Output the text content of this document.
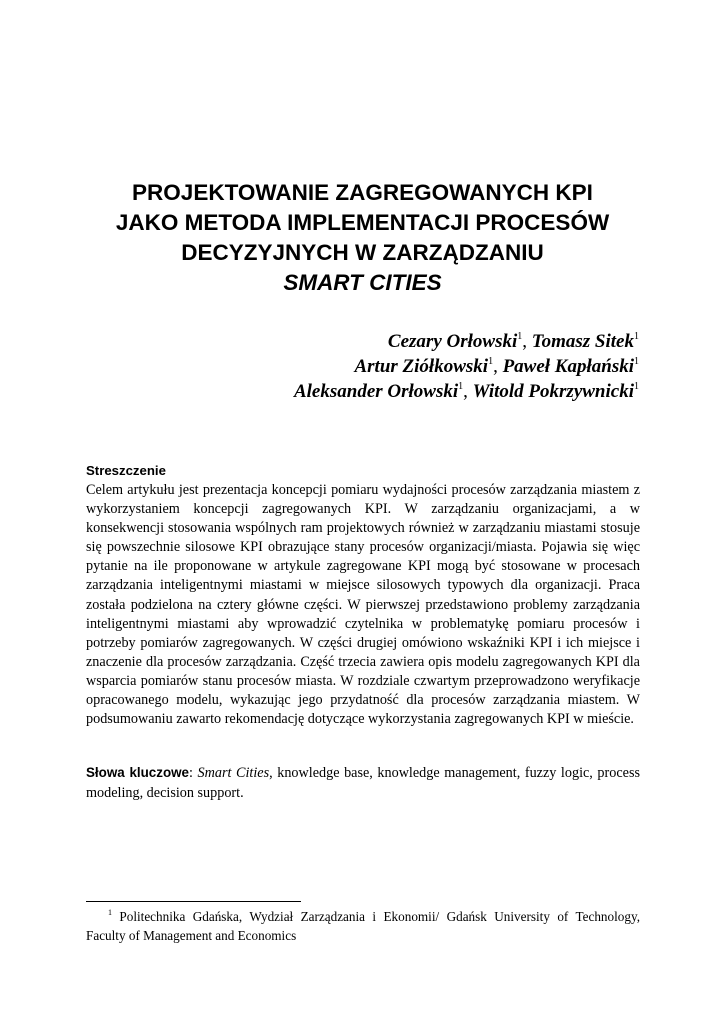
PROJEKTOWANIE ZAGREGOWANYCH KPI
JAKO METODA IMPLEMENTACJI PROCESÓW
DECYZYJNYCH W ZARZĄDZANIU
SMART CITIES
Cezary Orłowski$^1$, Tomasz Sitek$^1$
Artur Ziółkowski$^1$, Paweł Kapłański$^1$
Aleksander Orłowski$^1$, Witold Pokrzywnicki$^1$
Streszczenie

Celem artykułu jest prezentacja koncepcji pomiaru wydajności procesów zarządzania miastem z wykorzystaniem koncepcji zagregowanych KPI. W zarządzaniu organizacjami, a w konsekwencji stosowania wspólnych ram projektowych również w zarządzaniu miastami stosuje się powszechnie silosowe KPI obrazujące stany procesów organizacji/miasta. Pojawia się więc pytanie na ile proponowane w artykule zagregowane KPI mogą być stosowane w procesach zarządzania inteligentnymi miastami w miejsce silosowych typowych dla organizacji. Praca została podzielona na cztery główne części. W pierwszej przedstawiono problemy zarządzania inteligentnymi miastami aby wprowadzić czytelnika w problematykę pomiaru procesów i potrzeby pomiarów zagregowanych. W części drugiej omówiono wskaźniki KPI i ich miejsce i znaczenie dla procesów zarządzania. Część trzecia zawiera opis modelu zagregowanych KPI dla wsparcia pomiarów stanu procesów miasta. W rozdziale czwartym przeprowadzono weryfikacje opracowanego modelu, wykazując jego przydatność dla procesów zarządzania miastem. W podsumowaniu zawarto rekomendację dotyczące wykorzystania zagregowanych KPI w mieście.

Słowa kluczowe: Smart Cities, knowledge base, knowledge management, fuzzy logic, process modeling, decision support.
$^1$ Politechnika Gdańska, Wydział Zarządzania i Ekonomii/ Gdańsk University of Technology, Faculty of Management and Economics
